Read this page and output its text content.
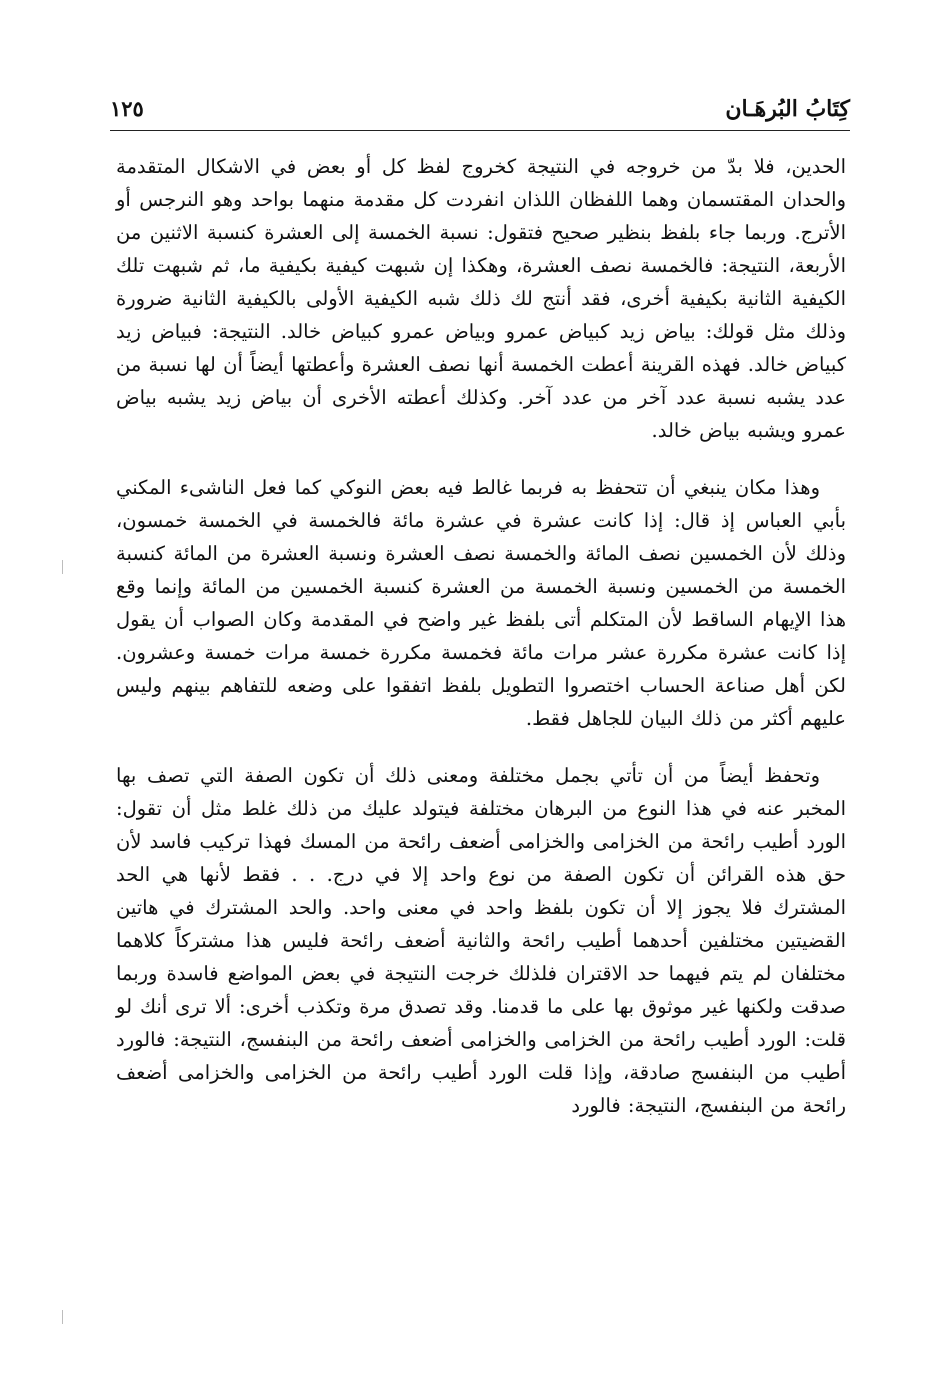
كِتَابُ البُرهَـان
١٢٥

الحدين، فلا بدّ من خروجه في النتيجة كخروج لفظ كل أو بعض في الاشكال المتقدمة والحدان المقتسمان وهما اللفظان اللذان انفردت كل مقدمة منهما بواحد وهو النرجس أو الأترج. وربما جاء بلفظ بنظير صحيح فتقول: نسبة الخمسة إلى العشرة كنسبة الاثنين من الأربعة، النتيجة: فالخمسة نصف العشرة، وهكذا إن شبهت كيفية بكيفية ما، ثم شبهت تلك الكيفية الثانية بكيفية أخرى، فقد أنتج لك ذلك شبه الكيفية الأولى بالكيفية الثانية ضرورة وذلك مثل قولك: بياض زيد كبياض عمرو وبياض عمرو كبياض خالد. النتيجة: فبياض زيد كبياض خالد. فهذه القرينة أعطت الخمسة أنها نصف العشرة وأعطتها أيضاً أن لها نسبة من عدد يشبه نسبة عدد آخر من عدد آخر. وكذلك أعطته الأخرى أن بياض زيد يشبه بياض عمرو ويشبه بياض خالد.

وهذا مكان ينبغي أن تتحفظ به فربما غالط فيه بعض النوكي كما فعل الناشىء المكني بأبي العباس إذ قال: إذا كانت عشرة في عشرة مائة فالخمسة في الخمسة خمسون، وذلك لأن الخمسين نصف المائة والخمسة نصف العشرة ونسبة العشرة من المائة كنسبة الخمسة من الخمسين ونسبة الخمسة من العشرة كنسبة الخمسين من المائة وإنما وقع هذا الإيهام الساقط لأن المتكلم أتى بلفظ غير واضح في المقدمة وكان الصواب أن يقول إذا كانت عشرة مكررة عشر مرات مائة فخمسة مكررة خمسة مرات خمسة وعشرون. لكن أهل صناعة الحساب اختصروا التطويل بلفظ اتفقوا على وضعه للتفاهم بينهم وليس عليهم أكثر من ذلك البيان للجاهل فقط.

وتحفظ أيضاً من أن تأتي بجمل مختلفة ومعنى ذلك أن تكون الصفة التي تصف بها المخبر عنه في هذا النوع من البرهان مختلفة فيتولد عليك من ذلك غلط مثل أن تقول: الورد أطيب رائحة من الخزامى والخزامى أضعف رائحة من المسك فهذا تركيب فاسد لأن حق هذه القرائن أن تكون الصفة من نوع واحد إلا في درج. . . فقط لأنها هي الحد المشترك فلا يجوز إلا أن تكون بلفظ واحد في معنى واحد. والحد المشترك في هاتين القضيتين مختلفين أحدهما أطيب رائحة والثانية أضعف رائحة فليس هذا مشتركاً كلاهما مختلفان لم يتم فيهما حد الاقتران فلذلك خرجت النتيجة في بعض المواضع فاسدة وربما صدقت ولكنها غير موثوق بها على ما قدمنا. وقد تصدق مرة وتكذب أخرى: ألا ترى أنك لو قلت: الورد أطيب رائحة من الخزامى والخزامى أضعف رائحة من البنفسج، النتيجة: فالورد أطيب من البنفسج صادقة، وإذا قلت الورد أطيب رائحة من الخزامى والخزامى أضعف رائحة من البنفسج، النتيجة: فالورد
